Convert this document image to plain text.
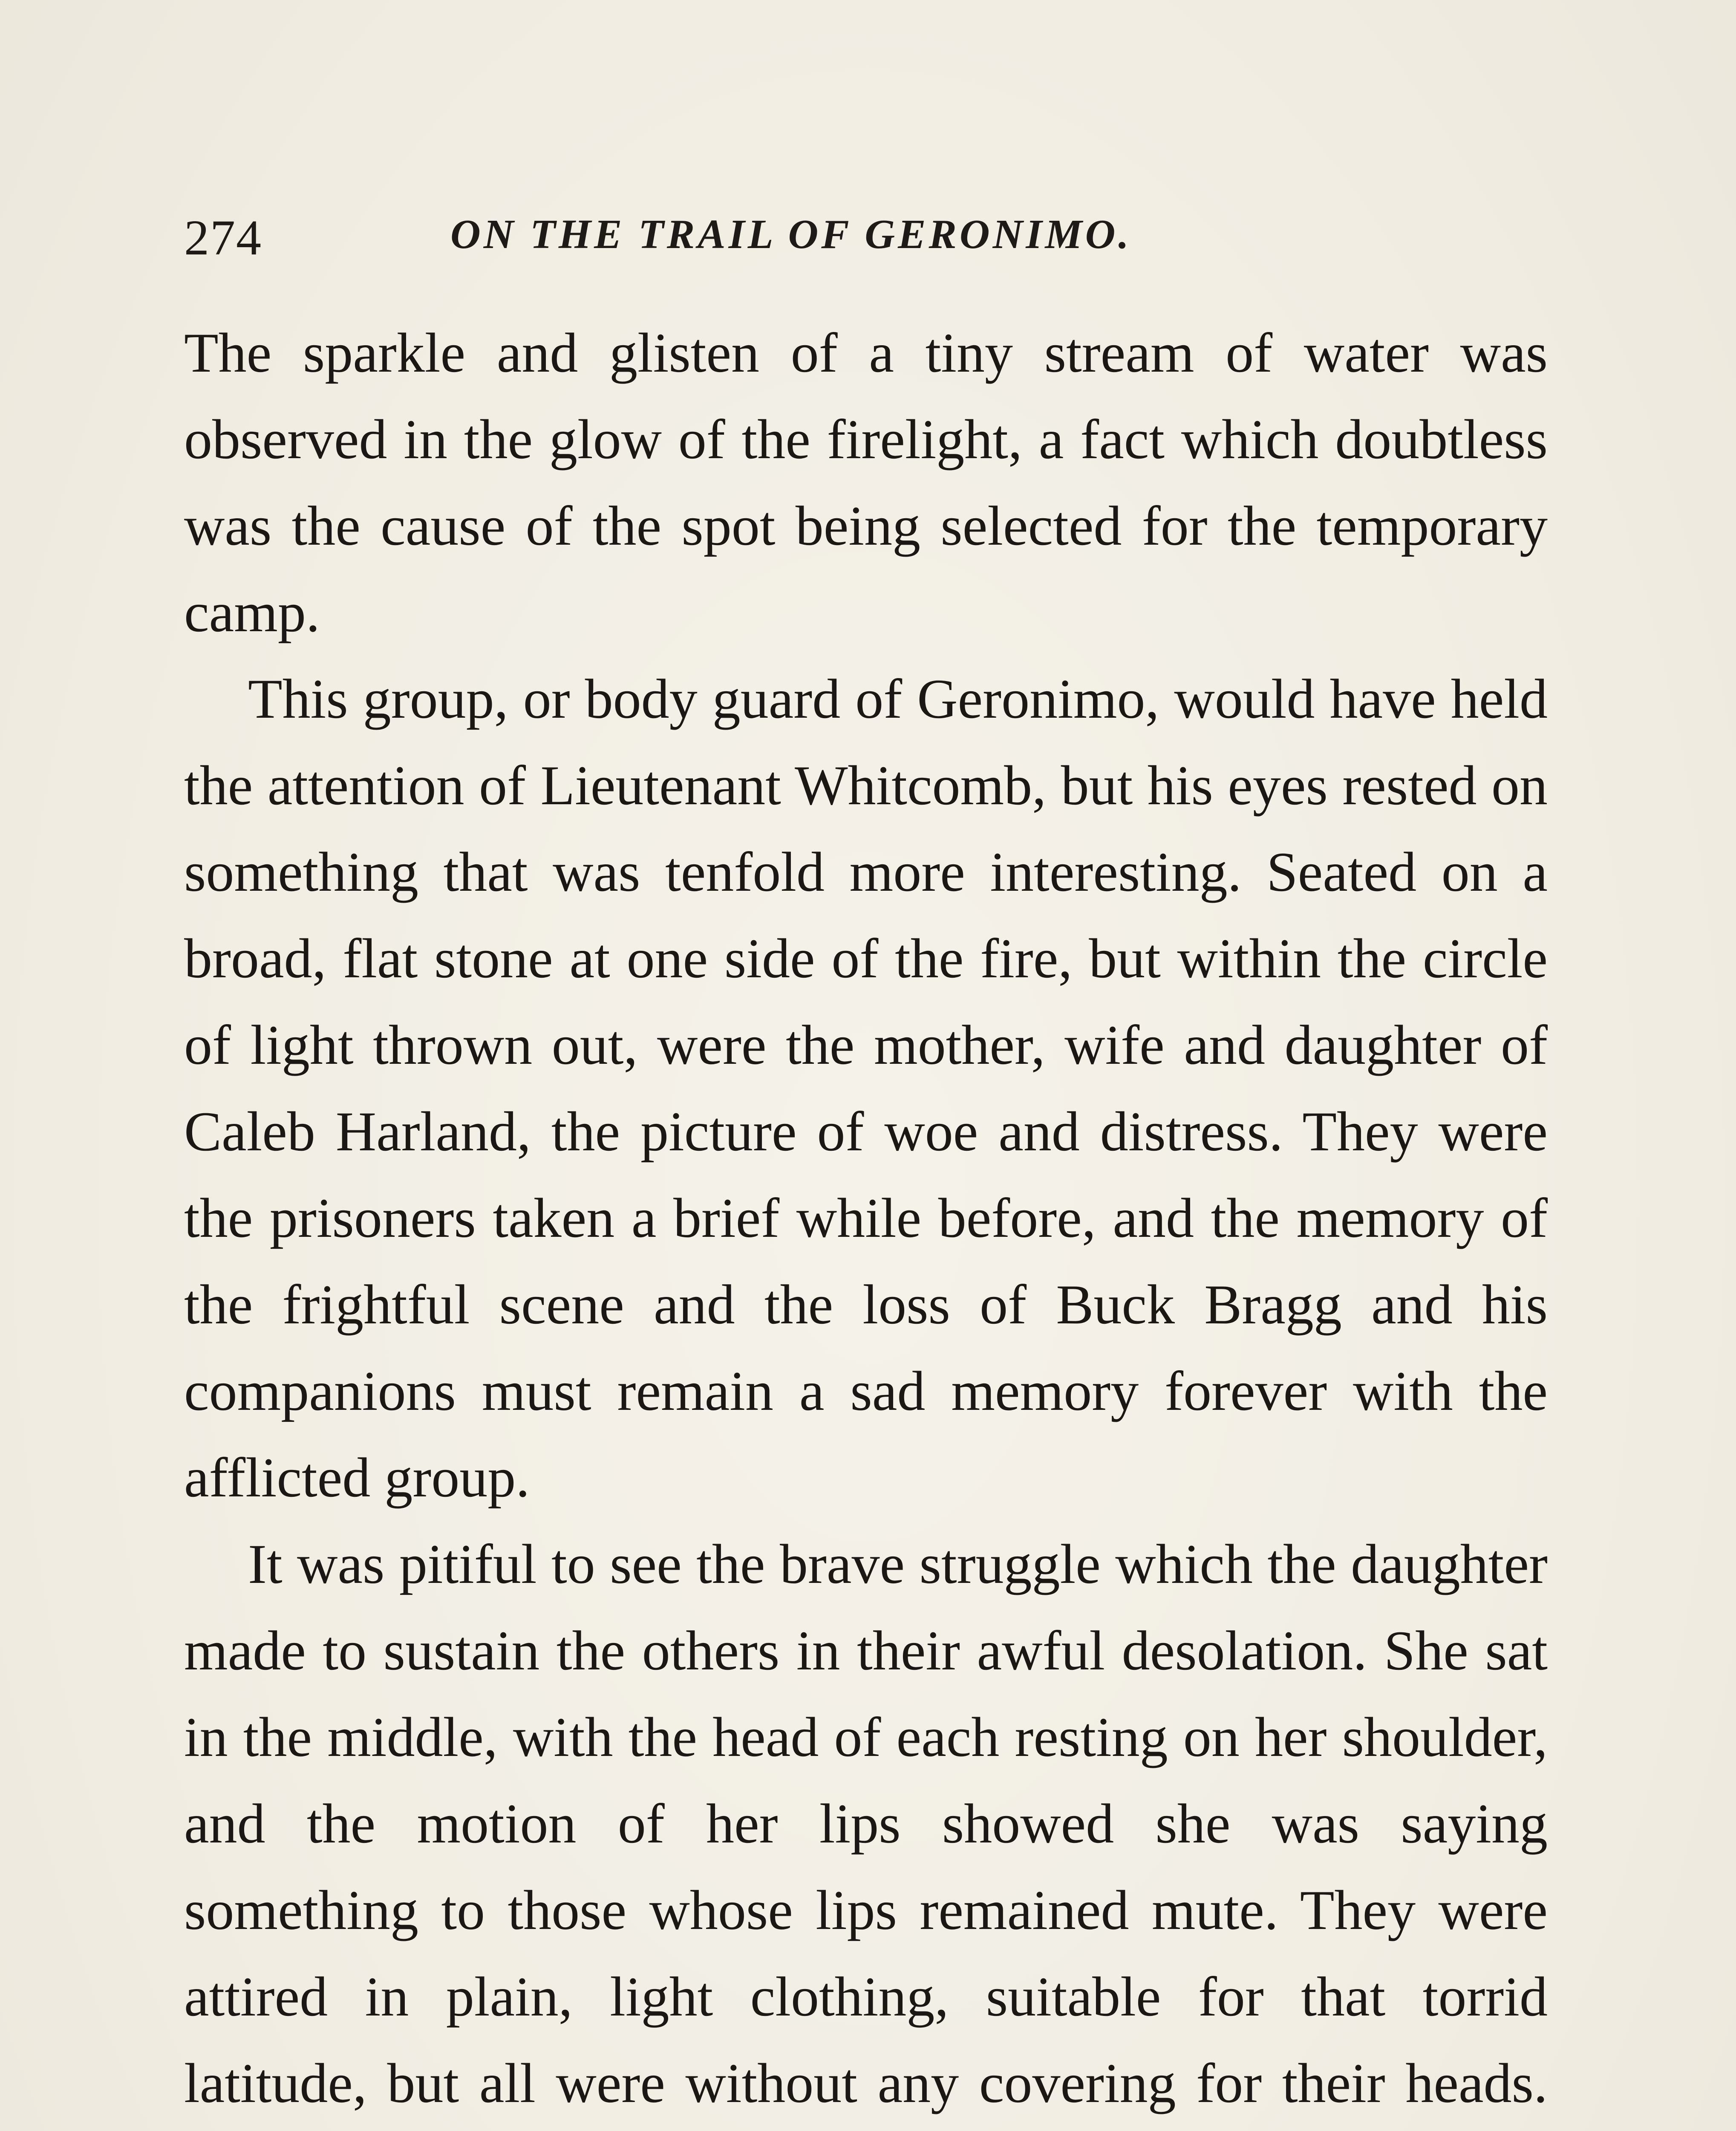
274	ON THE TRAIL OF GERONIMO.

The sparkle and glisten of a tiny stream of water was observed in the glow of the firelight, a fact which doubtless was the cause of the spot being selected for the temporary camp.

This group, or body guard of Geronimo, would have held the attention of Lieutenant Whitcomb, but his eyes rested on something that was tenfold more interesting. Seated on a broad, flat stone at one side of the fire, but within the circle of light thrown out, were the mother, wife and daughter of Caleb Harland, the picture of woe and distress. They were the prisoners taken a brief while before, and the memory of the frightful scene and the loss of Buck Bragg and his companions must remain a sad memory forever with the afflicted group.

It was pitiful to see the brave struggle which the daughter made to sustain the others in their awful desolation. She sat in the middle, with the head of each resting on her shoulder, and the motion of her lips showed she was saying something to those whose lips remained mute. They were attired in plain, light clothing, suitable for that torrid latitude, but all were without any covering for their heads.
